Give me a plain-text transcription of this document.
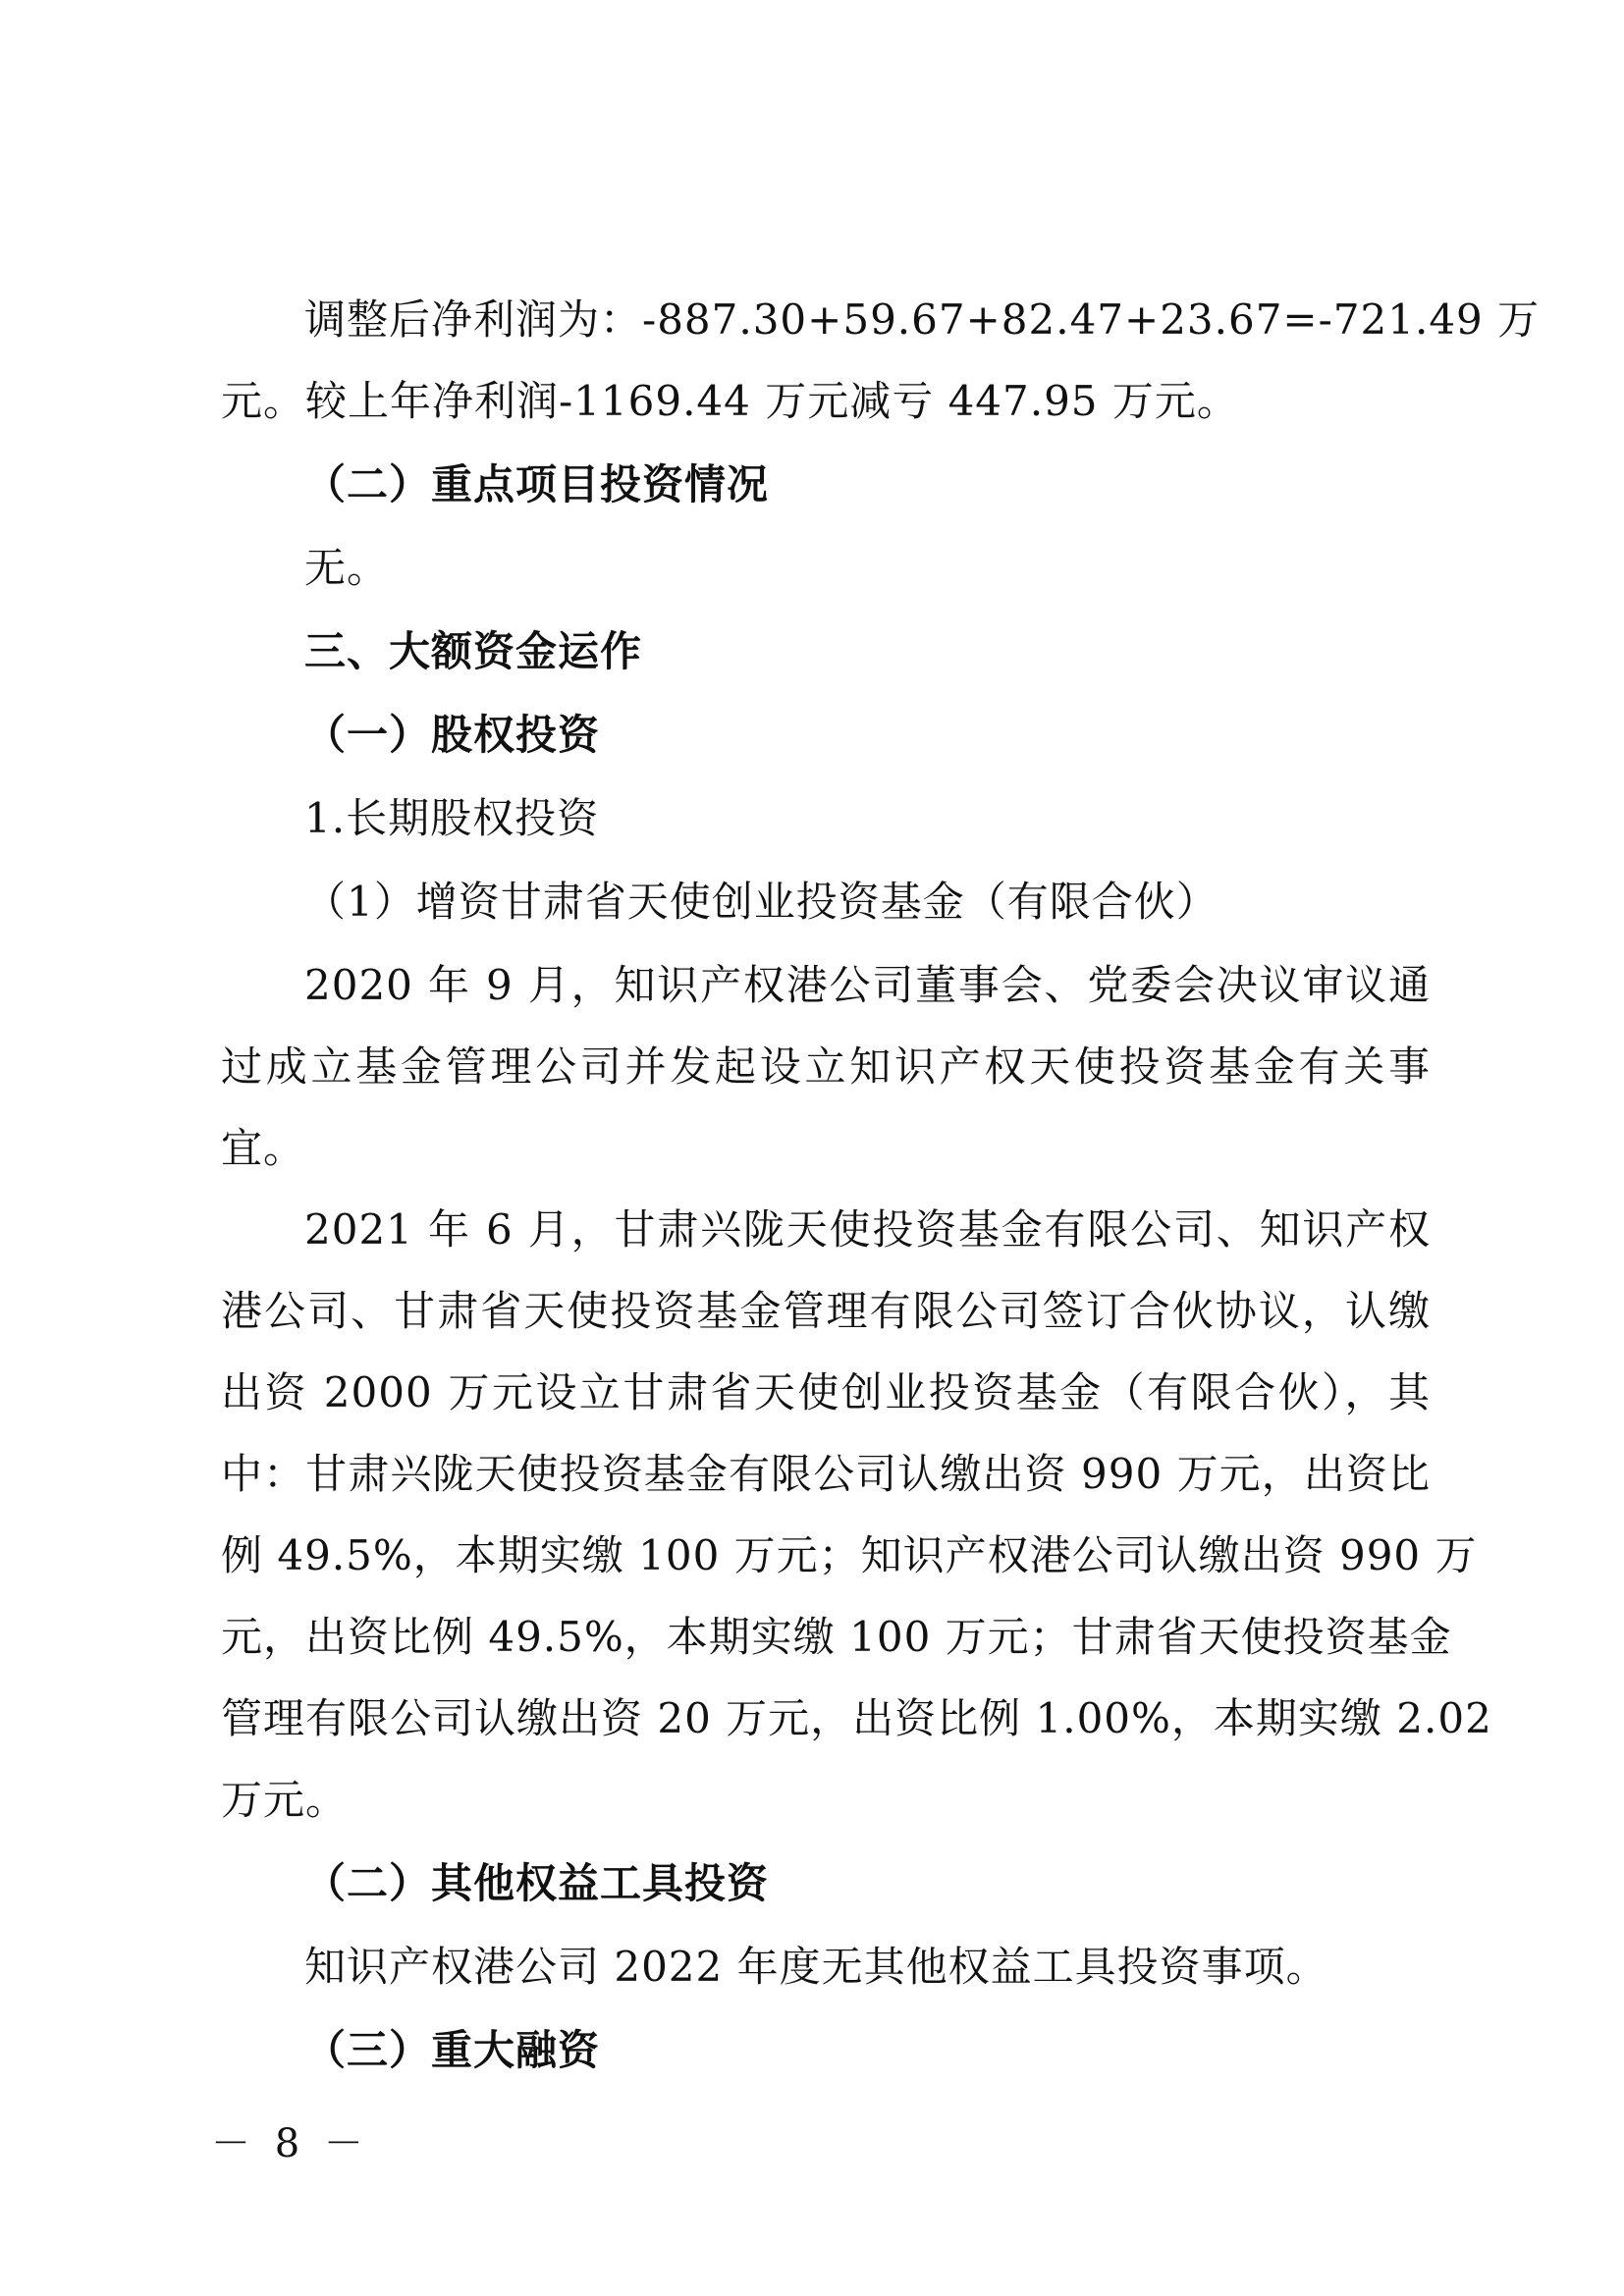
调整后净利润为：-887.30+59.67+82.47+23.67=-721.49 万
元。较上年净利润-1169.44 万元减亏 447.95 万元。
（二）重点项目投资情况
无。
三、大额资金运作
（一）股权投资
1.长期股权投资
（1）增资甘肃省天使创业投资基金（有限合伙）
2020 年 9 月，知识产权港公司董事会、党委会决议审议通
过成立基金管理公司并发起设立知识产权天使投资基金有关事
宜。
2021 年 6 月，甘肃兴陇天使投资基金有限公司、知识产权
港公司、甘肃省天使投资基金管理有限公司签订合伙协议，认缴
出资 2000 万元设立甘肃省天使创业投资基金（有限合伙），其
中：甘肃兴陇天使投资基金有限公司认缴出资 990 万元，出资比
例 49.5%，本期实缴 100 万元；知识产权港公司认缴出资 990 万
元，出资比例 49.5%，本期实缴 100 万元；甘肃省天使投资基金
管理有限公司认缴出资 20 万元，出资比例 1.00%，本期实缴 2.02
万元。
（二）其他权益工具投资
知识产权港公司 2022 年度无其他权益工具投资事项。
（三）重大融资
－ 8 －
